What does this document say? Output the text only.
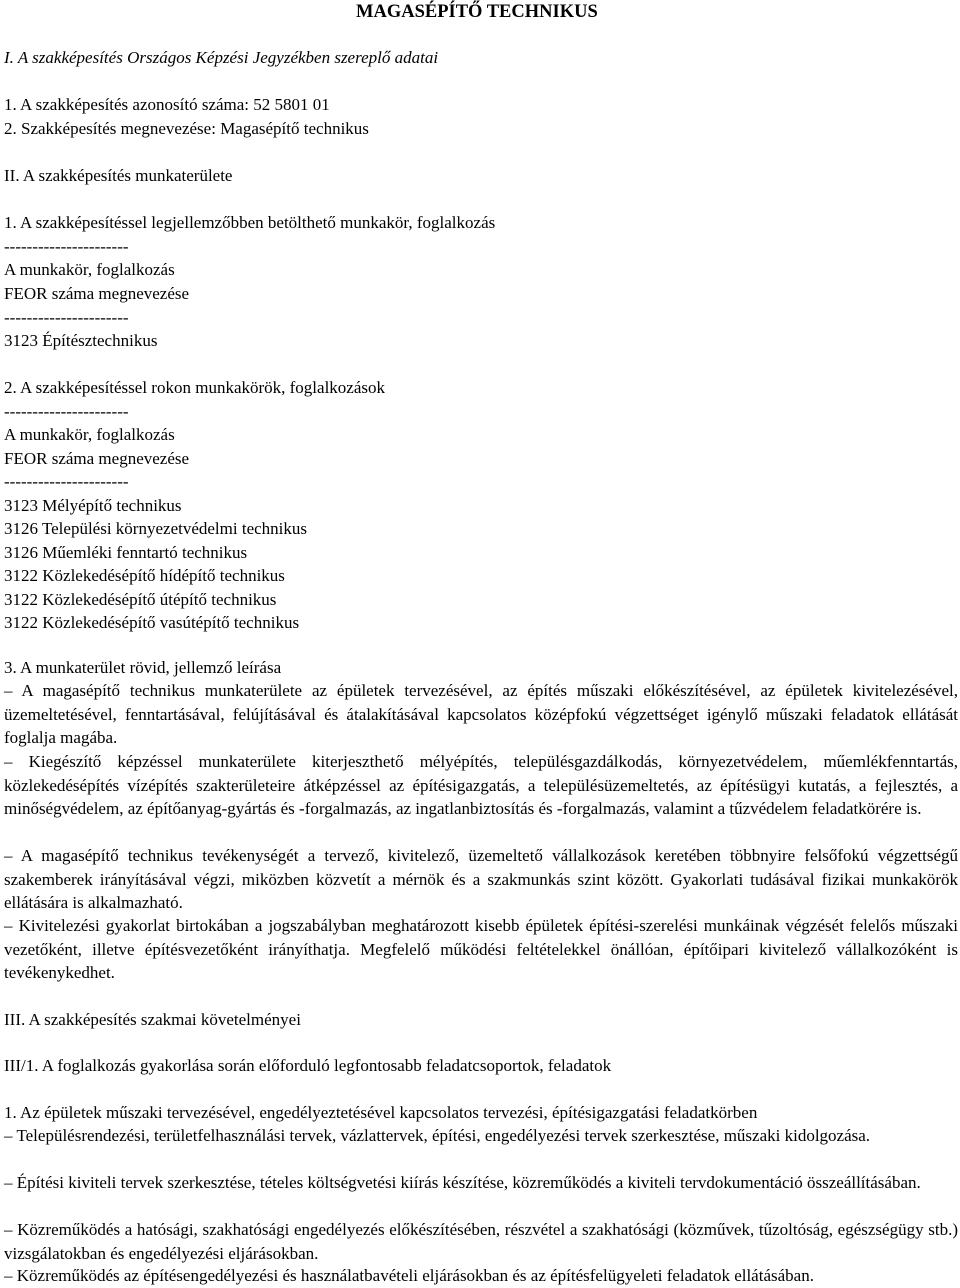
MAGASÉPÍTŐ TECHNIKUS
I. A szakképesítés Országos Képzési Jegyzékben szereplő adatai
1. A szakképesítés azonosító száma: 52 5801 01
2. Szakképesítés megnevezése: Magasépítő technikus
II. A szakképesítés munkaterülete
1. A szakképesítéssel legjellemzőbben betölthető munkakör, foglalkozás
----------------------
A munkakör, foglalkozás
FEOR száma megnevezése
----------------------
3123 Építésztechnikus
2. A szakképesítéssel rokon munkakörök, foglalkozások
----------------------
A munkakör, foglalkozás
FEOR száma megnevezése
----------------------
3123 Mélyépítő technikus
3126 Települési környezetvédelmi technikus
3126 Műemléki fenntartó technikus
3122 Közlekedésépítő hídépítő technikus
3122 Közlekedésépítő útépítő technikus
3122 Közlekedésépítő vasútépítő technikus
3. A munkaterület rövid, jellemző leírása
– A magasépítő technikus munkaterülete az épületek tervezésével, az építés műszaki előkészítésével, az épületek kivitelezésével, üzemeltetésével, fenntartásával, felújításával és átalakításával kapcsolatos középfokú végzettséget igénylő műszaki feladatok ellátását foglalja magába.
– Kiegészítő képzéssel munkaterülete kiterjeszthető mélyépítés, településgazdálkodás, környezetvédelem, műemlékfenntartás, közlekedésépítés vízépítés szakterületeire átképzéssel az építésigazgatás, a településüzemeltetés, az építésügyi kutatás, a fejlesztés, a minőségvédelem, az építőanyag-gyártás és -forgalmazás, az ingatlanbiztosítás és -forgalmazás, valamint a tűzvédelem feladatkörére is.
– A magasépítő technikus tevékenységét a tervező, kivitelező, üzemeltető vállalkozások keretében többnyire felsőfokú végzettségű szakemberek irányításával végzi, miközben közvetít a mérnök és a szakmunkás szint között. Gyakorlati tudásával fizikai munkakörök ellátására is alkalmazható.
– Kivitelezési gyakorlat birtokában a jogszabályban meghatározott kisebb épületek építési-szerelési munkáinak végzését felelős műszaki vezetőként, illetve építésvezetőként irányíthatja. Megfelelő működési feltételekkel önállóan, építőipari kivitelező vállalkozóként is tevékenykedhet.
III. A szakképesítés szakmai követelményei
III/1. A foglalkozás gyakorlása során előforduló legfontosabb feladatcsoportok, feladatok
1. Az épületek műszaki tervezésével, engedélyeztetésével kapcsolatos tervezési, építésigazgatási feladatkörben
– Településrendezési, területfelhasználási tervek, vázlattervek, építési, engedélyezési tervek szerkesztése, műszaki kidolgozása.
– Építési kiviteli tervek szerkesztése, tételes költségvetési kiírás készítése, közreműködés a kiviteli tervdokumentáció összeállításában.
– Közreműködés a hatósági, szakhatósági engedélyezés előkészítésében, részvétel a szakhatósági (közművek, tűzoltóság, egészségügy stb.) vizsgálatokban és engedélyezési eljárásokban.
– Közreműködés az építésengedélyezési és használatbavételi eljárásokban és az építésfelügyeleti feladatok ellátásában.
